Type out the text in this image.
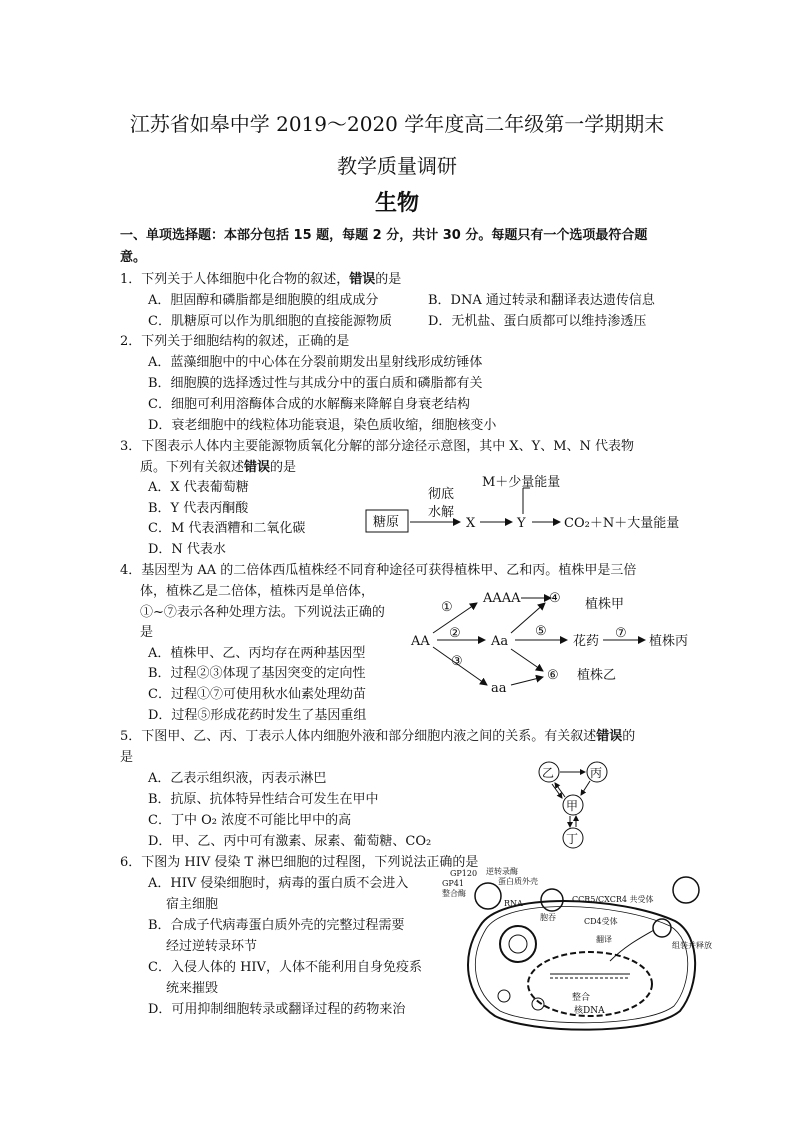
江苏省如皋中学 2019～2020 学年度高二年级第一学期期末
教学质量调研
生物
一、单项选择题：本部分包括 15 题，每题 2 分，共计 30 分。每题只有一个选项最符合题
意。
1．下列关于人体细胞中化合物的叙述，错误的是
A．胆固醇和磷脂都是细胞膜的组成成分	B．DNA 通过转录和翻译表达遗传信息
C．肌糖原可以作为肌细胞的直接能源物质	D．无机盐、蛋白质都可以维持渗透压
2．下列关于细胞结构的叙述，正确的是
A．蓝藻细胞中的中心体在分裂前期发出星射线形成纺锤体
B．细胞膜的选择透过性与其成分中的蛋白质和磷脂都有关
C．细胞可利用溶酶体合成的水解酶来降解自身衰老结构
D．衰老细胞中的线粒体功能衰退，染色质收缩，细胞核变小
3．下图表示人体内主要能源物质氧化分解的部分途径示意图，其中 X、Y、M、N 代表物
质。下列有关叙述错误的是
A．X 代表葡萄糖
B．Y 代表丙酮酸
C．M 代表酒糟和二氧化碳
D．N 代表水
糖原
彻底
水解
X	Y
M＋少量能量
CO₂＋N＋大量能量
4．基因型为 AA 的二倍体西瓜植株经不同育种途径可获得植株甲、乙和丙。植株甲是三倍
体，植株乙是二倍体，植株丙是单倍体，
①~⑦表示各种处理方法。下列说法正确的
是
A．植株甲、乙、丙均存在两种基因型
B．过程②③体现了基因突变的定向性
C．过程①⑦可使用秋水仙素处理幼苗
D．过程⑤形成花药时发生了基因重组
AA
①
②
③
AAAA
Aa
aa
④ 植株甲
⑤
花药
⑦
植株丙
⑥ 植株乙
5．下图甲、乙、丙、丁表示人体内细胞外液和部分细胞内液之间的关系。有关叙述错误的
是
A．乙表示组织液，丙表示淋巴
B．抗原、抗体特异性结合可发生在甲中
C．丁中 O₂ 浓度不可能比甲中的高
D．甲、乙、丙中可有激素、尿素、葡萄糖、CO₂
乙	丙
甲
丁
6．下图为 HIV 侵染 T 淋巴细胞的过程图，下列说法正确的是
A．HIV 侵染细胞时，病毒的蛋白质不会进入
宿主细胞
B．合成子代病毒蛋白质外壳的完整过程需要
经过逆转录环节
C．入侵人体的 HIV，人体不能利用自身免疫系
统来摧毁
D．可用抑制细胞转录或翻译过程的药物来治
整合
核DNA
GP120
GP41
整合酶
逆转录酶
蛋白质外壳
RNA	CCR5/CXCR4 共受体
CD4受体
胞吞
翻译
组装并释放
